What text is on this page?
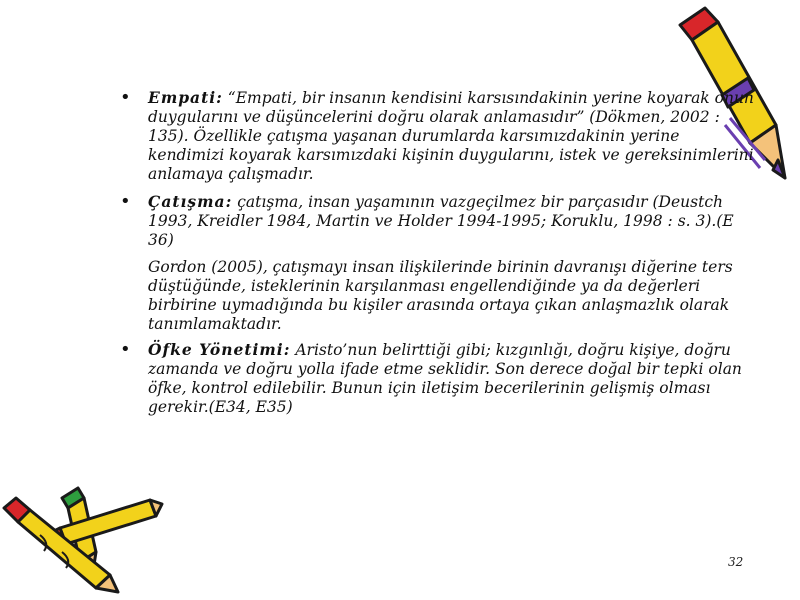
• Empati: “Empati, bir insanın kendisini karsısındakinin yerine koyarak onun duygularını ve düşüncelerini doğru olarak anlamasıdır” (Dökmen, 2002 : 135). Özellikle çatışma yaşanan durumlarda karsımızdakinin yerine kendimizi koyarak karsımızdaki kişinin duygularını, istek ve gereksinimlerini anlamaya çalışmadır.
• Çatışma: çatışma, insan yaşamının vazgeçilmez bir parçasıdır (Deustch 1993, Kreidler 1984, Martin ve Holder 1994-1995; Koruklu, 1998 : s. 3).(E 36)
Gordon (2005), çatışmayı insan ilişkilerinde birinin davranışı diğerine ters düştüğünde, isteklerinin karşılanması engellendiğinde ya da değerleri birbirine uymadığında bu kişiler arasında ortaya çıkan anlaşmazlık olarak tanımlamaktadır.
• Öfke Yönetimi: Aristo’nun belirttiği gibi; kızgınlığı, doğru kişiye, doğru zamanda ve doğru yolla ifade etme seklidir. Son derece doğal bir tepki olan öfke, kontrol edilebilir. Bunun için iletişim becerilerinin gelişmiş olması gerekir.(E34, E35)
32
